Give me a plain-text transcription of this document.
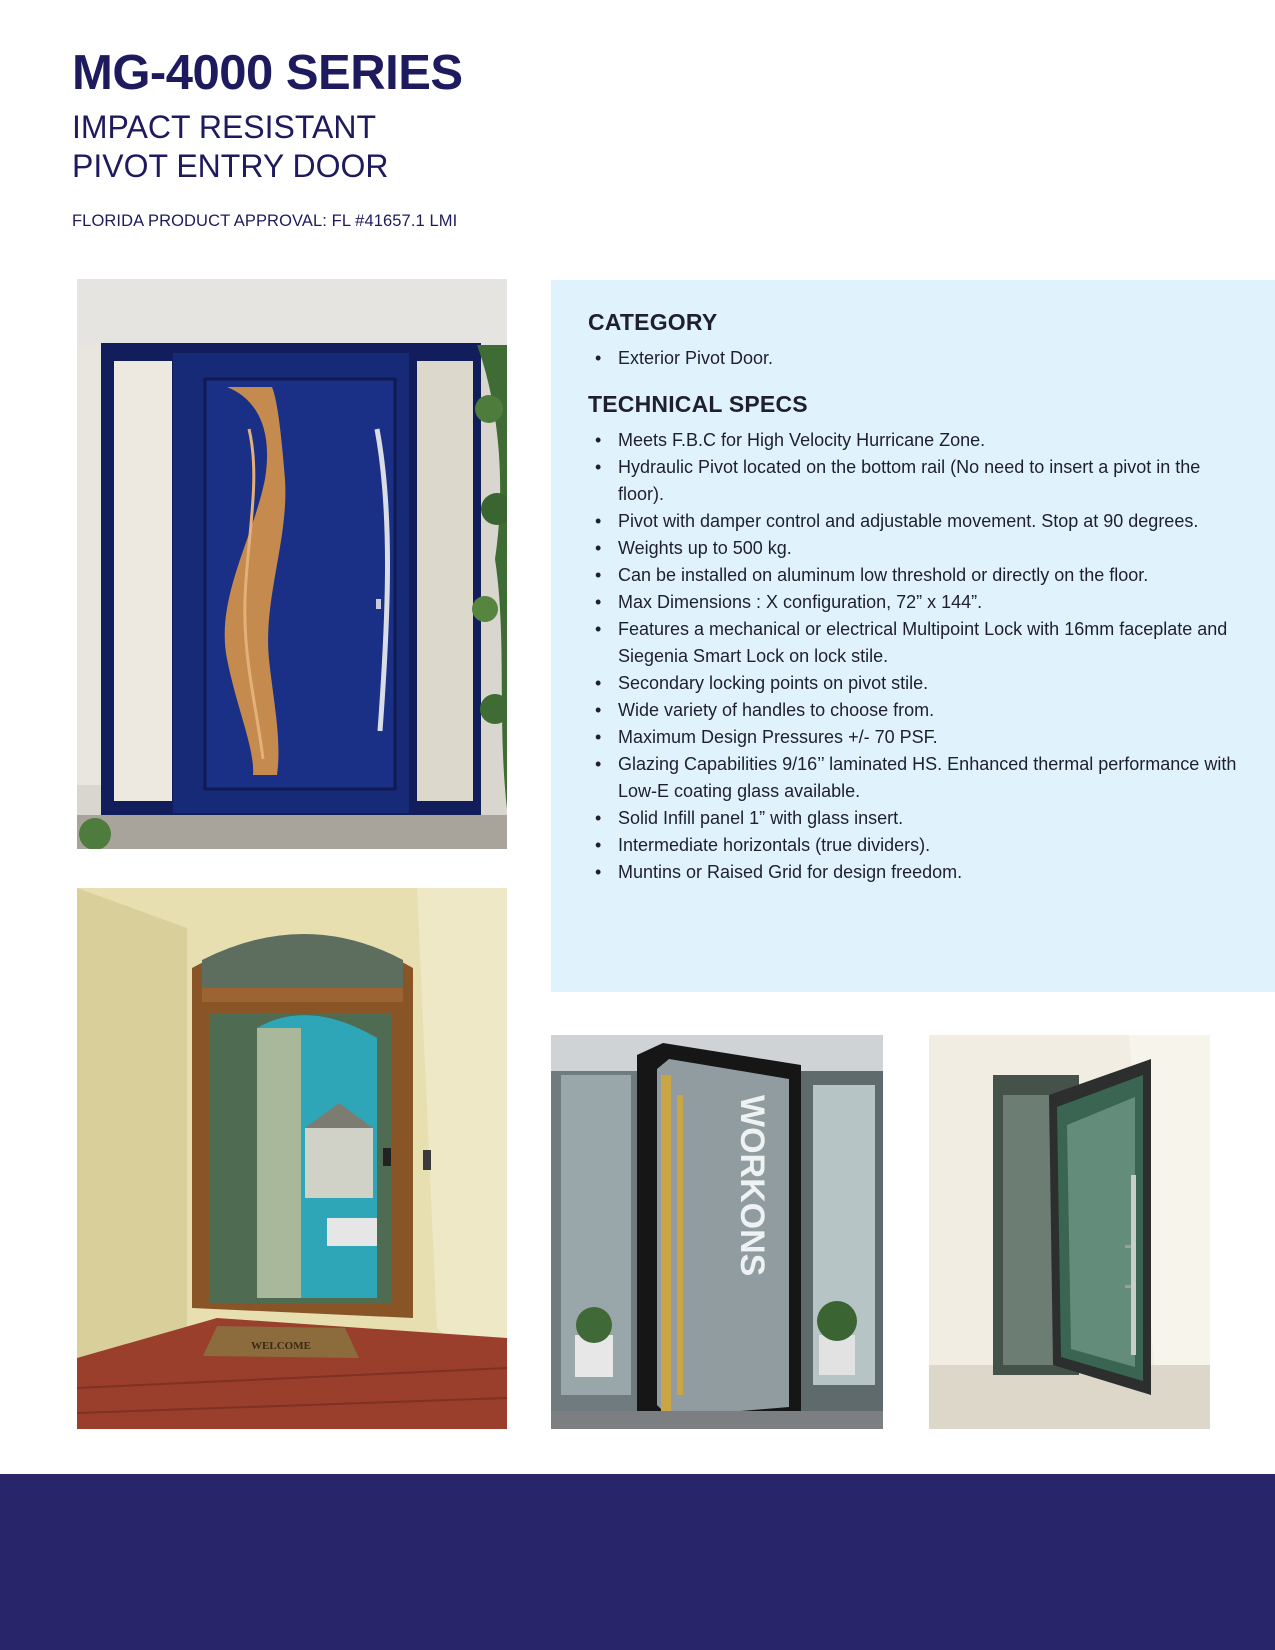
MG-4000 SERIES
IMPACT RESISTANT
PIVOT ENTRY DOOR
FLORIDA PRODUCT APPROVAL: FL #41657.1 LMI
WELCOME
WORKONS
CATEGORY
• Exterior Pivot Door.
TECHNICAL SPECS
• Meets F.B.C for High Velocity Hurricane Zone.
• Hydraulic Pivot located on the bottom rail (No need to insert a pivot in the floor).
• Pivot with damper control and adjustable movement. Stop at 90 degrees.
• Weights up to 500 kg.
• Can be installed on aluminum low threshold or directly on the floor.
• Max Dimensions : X configuration, 72” x 144”.
• Features a mechanical or electrical Multipoint Lock with 16mm faceplate and Siegenia Smart Lock on lock stile.
• Secondary locking points on pivot stile.
• Wide variety of handles to choose from.
• Maximum Design Pressures +/- 70 PSF.
• Glazing Capabilities 9/16’’ laminated HS. Enhanced thermal performance with Low-E coating glass available.
• Solid Infill panel 1” with glass insert.
• Intermediate horizontals (true dividers).
• Muntins or Raised Grid for design freedom.
